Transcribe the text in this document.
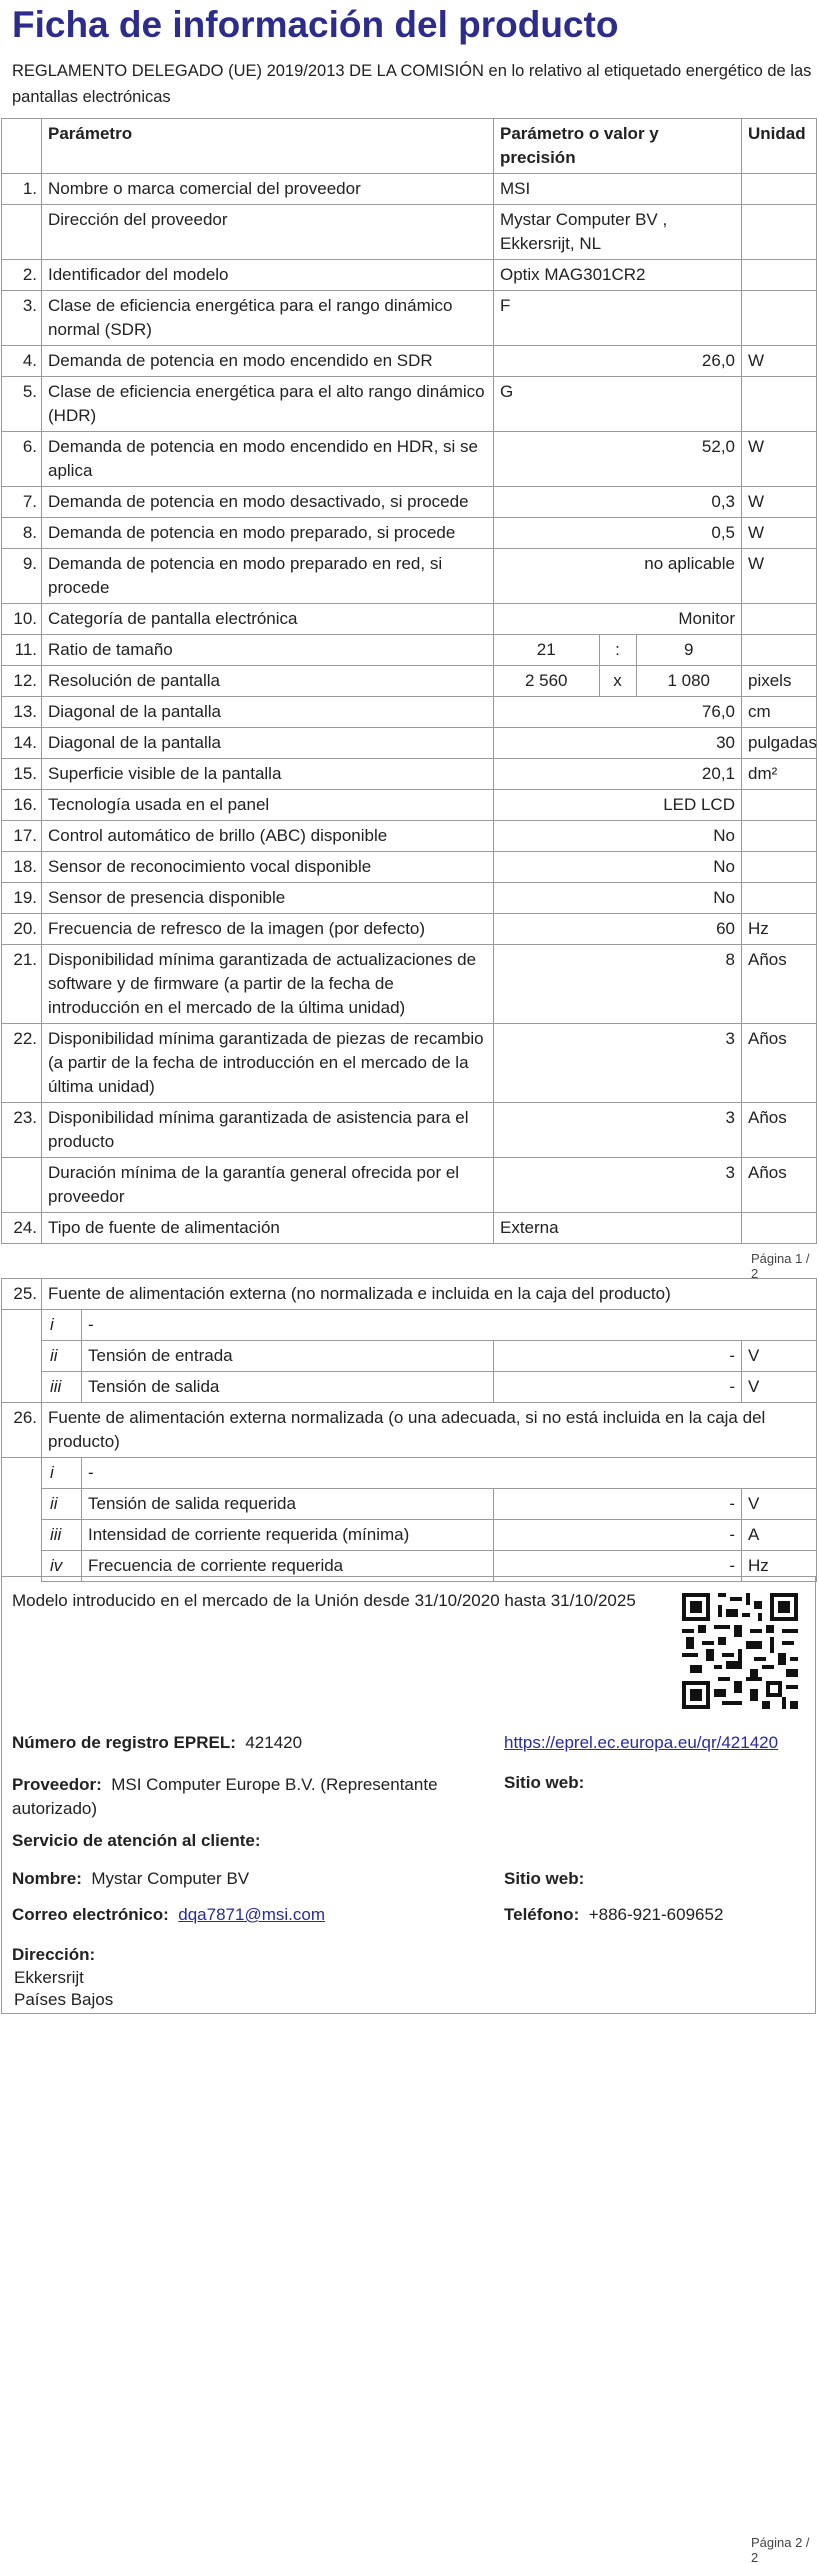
Ficha de información del producto
REGLAMENTO DELEGADO (UE) 2019/2013 DE LA COMISIÓN en lo relativo al etiquetado energético de las pantallas electrónicas
	Parámetro	Parámetro o valor y precisión	Unidad
1.	Nombre o marca comercial del proveedor	MSI	
	Dirección del proveedor	Mystar Computer BV , Ekkersrijt, NL	
2.	Identificador del modelo	Optix MAG301CR2	
3.	Clase de eficiencia energética para el rango dinámico normal (SDR)	F	
4.	Demanda de potencia en modo encendido en SDR	26,0	W
5.	Clase de eficiencia energética para el alto rango dinámico (HDR)	G	
6.	Demanda de potencia en modo encendido en HDR, si se aplica	52,0	W
7.	Demanda de potencia en modo desactivado, si procede	0,3	W
8.	Demanda de potencia en modo preparado, si procede	0,5	W
9.	Demanda de potencia en modo preparado en red, si procede	no aplicable	W
10.	Categoría de pantalla electrónica	Monitor	
11.	Ratio de tamaño	21 : 9	

12.	Resolución de pantalla	2 560 x 1 080	pixels
13.	Diagonal de la pantalla	76,0	cm
14.	Diagonal de la pantalla	30	pulgadas
15.	Superficie visible de la pantalla	20,1	dm²
16.	Tecnología usada en el panel	LED LCD	
17.	Control automático de brillo (ABC) disponible	No	
18.	Sensor de reconocimiento vocal disponible	No	
19.	Sensor de presencia disponible	No	
20.	Frecuencia de refresco de la imagen (por defecto)	60	Hz
21.	Disponibilidad mínima garantizada de actualizaciones de software y de firmware (a partir de la fecha de introducción en el mercado de la última unidad)	8	Años
22.	Disponibilidad mínima garantizada de piezas de recambio (a partir de la fecha de introducción en el mercado de la última unidad)	3	Años
23.	Disponibilidad mínima garantizada de asistencia para el producto	3	Años
	Duración mínima de la garantía general ofrecida por el proveedor	3	Años
24.	Tipo de fuente de alimentación	Externa	
Página 1 / 2
25.	Fuente de alimentación externa (no normalizada e incluida en la caja del producto)			
	i	-		
	ii	Tensión de entrada	-	V
	iii	Tensión de salida	-	V
26.	Fuente de alimentación externa normalizada (o una adecuada, si no está incluida en la caja del producto)			
	i	-		
	ii	Tensión de salida requerida	-	V
	iii	Intensidad de corriente requerida (mínima)	-	A
	iv	Frecuencia de corriente requerida	-	Hz
Modelo introducido en el mercado de la Unión desde 31/10/2020 hasta 31/10/2025
Número de registro EPREL: 421420	https://eprel.ec.europa.eu/qr/421420
Proveedor: MSI Computer Europe B.V. (Representante autorizado)
Sitio web:
Servicio de atención al cliente:
Nombre: Mystar Computer BV	Sitio web:
Correo electrónico: dqa7871@msi.com	Teléfono: +886-921-609652
Dirección:
Ekkersrijt
Países Bajos
Página 2 / 2
